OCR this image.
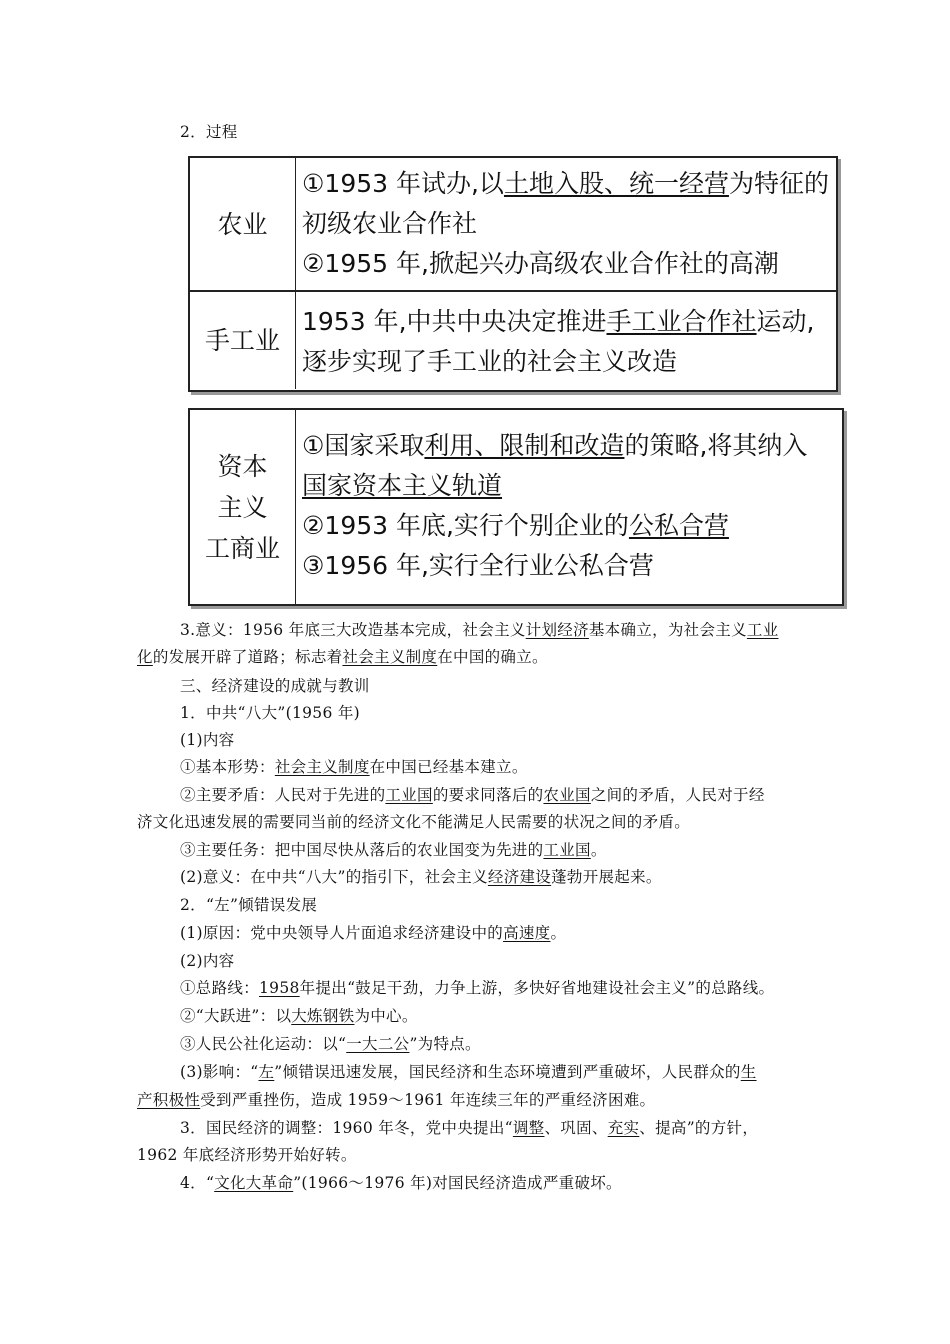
2．过程
农业
①1953 年试办,以土地入股、统一经营为特征的
初级农业合作社
②1955 年,掀起兴办高级农业合作社的高潮
手工业
1953 年,中共中央决定推进手工业合作社运动,
逐步实现了手工业的社会主义改造
资本
主义
工商业
①国家采取利用、限制和改造的策略,将其纳入
国家资本主义轨道
②1953 年底,实行个别企业的公私合营
③1956 年,实行全行业公私合营
3.意义：1956 年底三大改造基本完成，社会主义计划经济基本确立，为社会主义工业
化的发展开辟了道路；标志着社会主义制度在中国的确立。
三、经济建设的成就与教训
1．中共“八大”(1956 年)
(1)内容
①基本形势：社会主义制度在中国已经基本建立。
②主要矛盾：人民对于先进的工业国的要求同落后的农业国之间的矛盾，人民对于经
济文化迅速发展的需要同当前的经济文化不能满足人民需要的状况之间的矛盾。
③主要任务：把中国尽快从落后的农业国变为先进的工业国。
(2)意义：在中共“八大”的指引下，社会主义经济建设蓬勃开展起来。
2．“左”倾错误发展
(1)原因：党中央领导人片面追求经济建设中的高速度。
(2)内容
①总路线：1958年提出“鼓足干劲，力争上游，多快好省地建设社会主义”的总路线。
②“大跃进”：以大炼钢铁为中心。
③人民公社化运动：以“一大二公”为特点。
(3)影响：“左”倾错误迅速发展，国民经济和生态环境遭到严重破坏，人民群众的生
产积极性受到严重挫伤，造成 1959～1961 年连续三年的严重经济困难。
3．国民经济的调整：1960 年冬，党中央提出“调整、巩固、充实、提高”的方针，
1962 年底经济形势开始好转。
4．“文化大革命”(1966～1976 年)对国民经济造成严重破坏。
